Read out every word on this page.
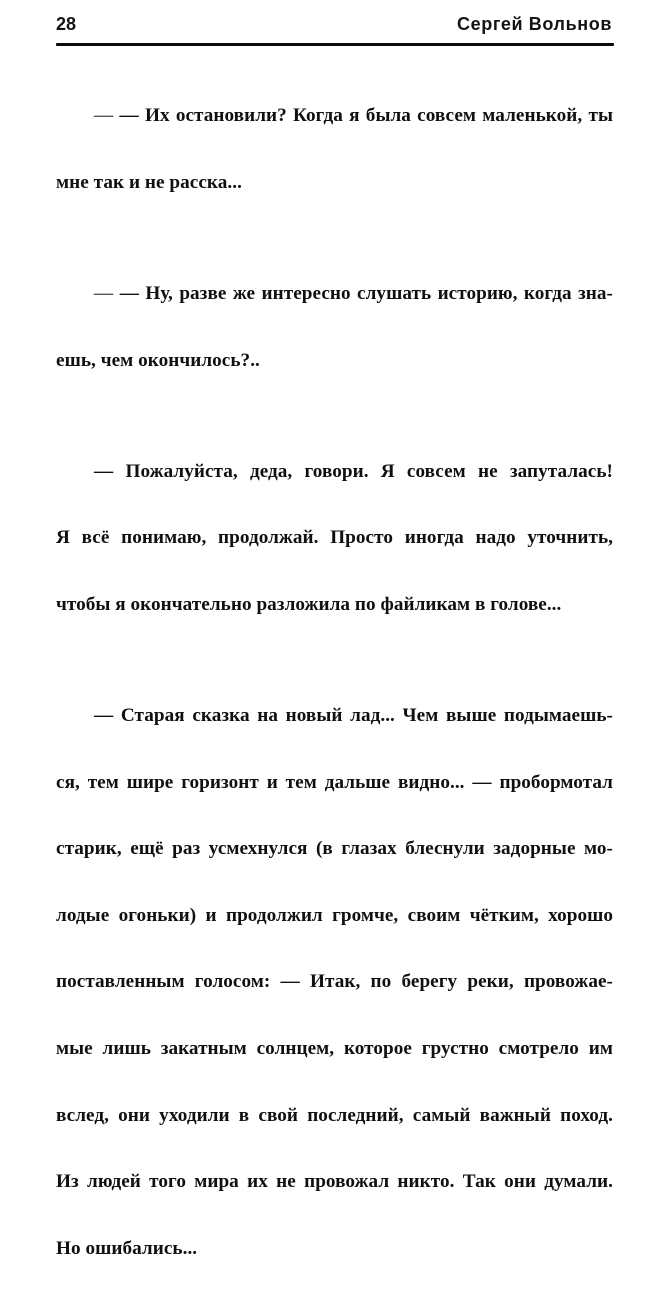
28	Сергей Вольнов

— — Их остановили? Когда я была совсем маленькой, ты

мне так и не расска...

— — Ну, разве же интересно слушать историю, когда зна-

ешь, чем окончилось?..

— Пожалуйста, деда, говори. Я совсем не запуталась!

Я всё понимаю, продолжай. Просто иногда надо уточнить,

чтобы я окончательно разложила по файликам в голове...

— Старая сказка на новый лад... Чем выше подымаешь-

ся, тем шире горизонт и тем дальше видно... — пробормотал

старик, ещё раз усмехнулся (в глазах блеснули задорные мо-

лодые огоньки) и продолжил громче, своим чётким, хорошо

поставленным голосом: — Итак, по берегу реки, провожае-

мые лишь закатным солнцем, которое грустно смотрело им

вслед, они уходили в свой последний, самый важный поход.

Из людей того мира их не провожал никто. Так они думали.

Но ошибались...
